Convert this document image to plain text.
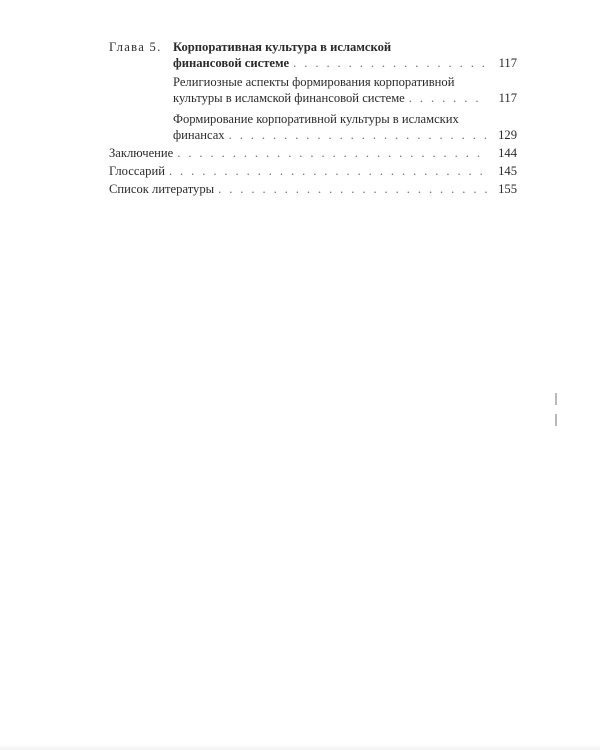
Глава 5. Корпоративная культура в исламской
финансовой системе . . .	117
Религиозные аспекты формирования корпоративной
культуры в исламской финансовой системе . . .	117
Формирование корпоративной культуры в исламских
финансах . . .	129
Заключение . . .	144
Глоссарий . . .	145
Список литературы . . .	155
